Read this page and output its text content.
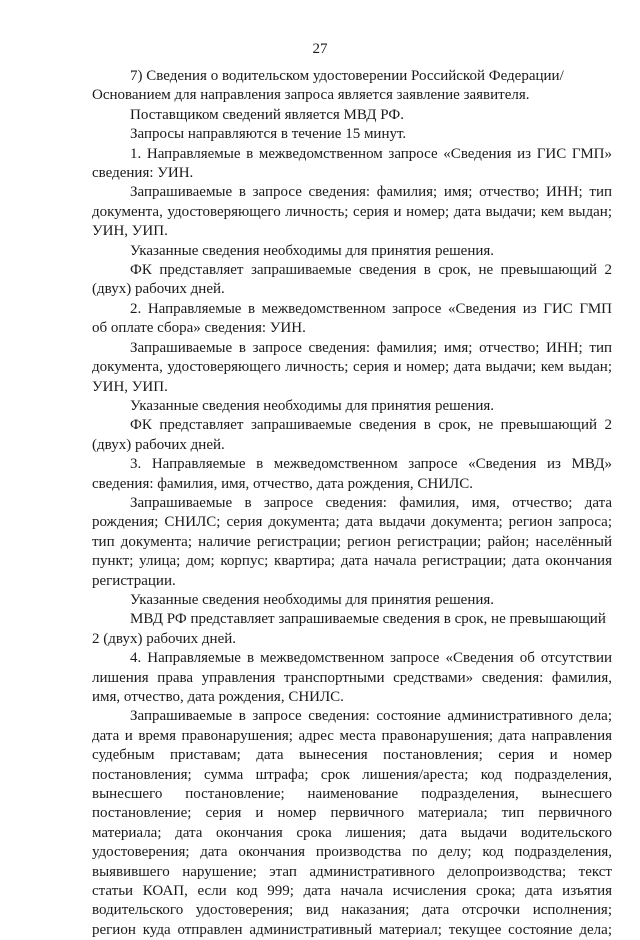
27
7) Сведения о водительском удостоверении Российской Федерации/
Основанием для направления запроса является заявление заявителя.
Поставщиком сведений является МВД РФ.
Запросы направляются в течение 15 минут.
1. Направляемые в межведомственном запросе «Сведения из ГИС ГМП»
сведения: УИН.
Запрашиваемые в запросе сведения: фамилия; имя; отчество; ИНН; тип
документа, удостоверяющего личность; серия и номер; дата выдачи; кем выдан;
УИН, УИП.
Указанные сведения необходимы для принятия решения.
ФК представляет запрашиваемые сведения в срок, не превышающий 2
(двух) рабочих дней.
2. Направляемые в межведомственном запросе «Сведения из ГИС ГМП
об оплате сбора» сведения: УИН.
Запрашиваемые в запросе сведения: фамилия; имя; отчество; ИНН; тип
документа, удостоверяющего личность; серия и номер; дата выдачи; кем выдан;
УИН, УИП.
Указанные сведения необходимы для принятия решения.
ФК представляет запрашиваемые сведения в срок, не превышающий 2
(двух) рабочих дней.
3. Направляемые в межведомственном запросе «Сведения из МВД»
сведения: фамилия, имя, отчество, дата рождения, СНИЛС.
Запрашиваемые в запросе сведения: фамилия, имя, отчество; дата
рождения; СНИЛС; серия документа; дата выдачи документа; регион запроса;
тип документа; наличие регистрации; регион регистрации; район; населённый
пункт; улица; дом; корпус; квартира; дата начала регистрации; дата окончания
регистрации.
Указанные сведения необходимы для принятия решения.
МВД РФ представляет запрашиваемые сведения в срок, не превышающий
2 (двух) рабочих дней.
4. Направляемые в межведомственном запросе «Сведения об отсутствии
лишения права управления транспортными средствами» сведения: фамилия,
имя, отчество, дата рождения, СНИЛС.
Запрашиваемые в запросе сведения: состояние административного дела;
дата и время правонарушения; адрес места правонарушения; дата направления
судебным приставам; дата вынесения постановления; серия и номер
постановления; сумма штрафа; срок лишения/ареста; код подразделения,
вынесшего постановление; наименование подразделения, вынесшего
постановление; серия и номер первичного материала; тип первичного
материала; дата окончания срока лишения; дата выдачи водительского
удостоверения; дата окончания производства по делу; код подразделения,
выявившего нарушение; этап административного делопроизводства; текст
статьи КОАП, если код 999; дата начала исчисления срока; дата изъятия
водительского удостоверения; вид наказания; дата отсрочки исполнения;
регион куда отправлен административный материал; текущее состояние дела;
